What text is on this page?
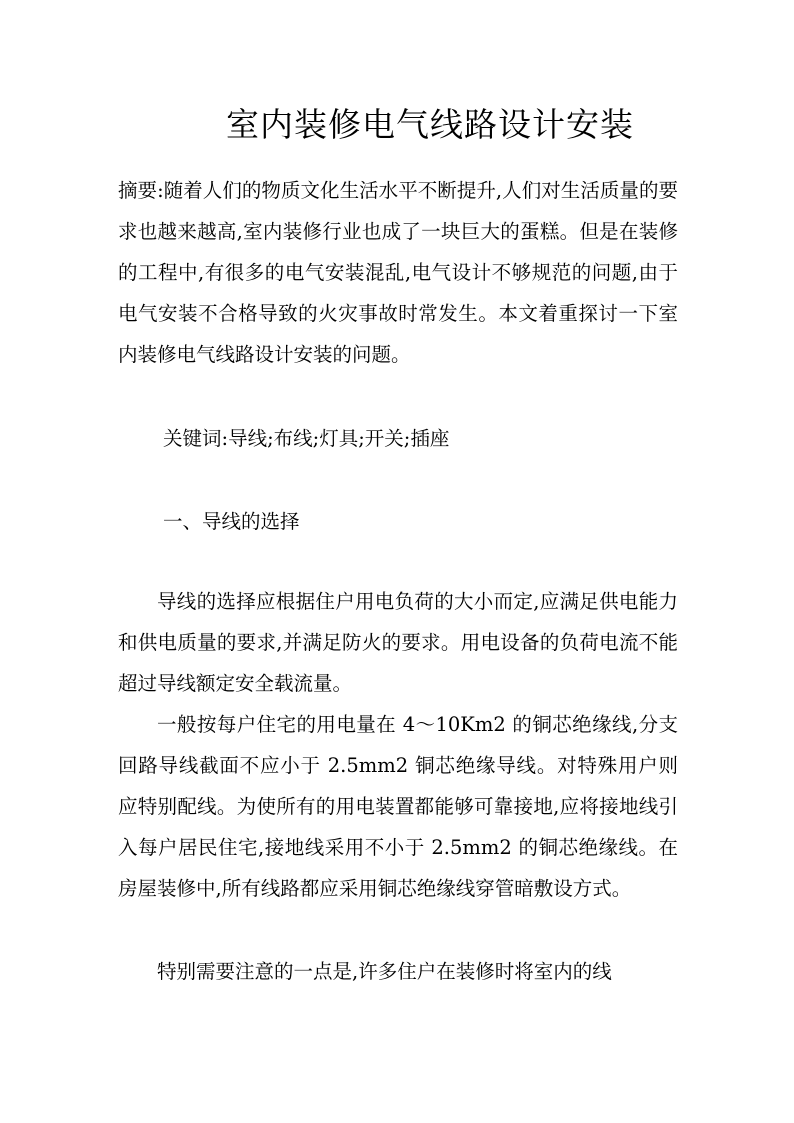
室内装修电气线路设计安装

摘要:随着人们的物质文化生活水平不断提升,人们对生活质量的要求也越来越高,室内装修行业也成了一块巨大的蛋糕。但是在装修的工程中,有很多的电气安装混乱,电气设计不够规范的问题,由于电气安装不合格导致的火灾事故时常发生。本文着重探讨一下室内装修电气线路设计安装的问题。

关键词:导线;布线;灯具;开关;插座

一、导线的选择

导线的选择应根据住户用电负荷的大小而定,应满足供电能力和供电质量的要求,并满足防火的要求。用电设备的负荷电流不能超过导线额定安全载流量。

一般按每户住宅的用电量在 4～10Km2 的铜芯绝缘线,分支回路导线截面不应小于 2.5mm2 铜芯绝缘导线。对特殊用户则应特别配线。为使所有的用电装置都能够可靠接地,应将接地线引入每户居民住宅,接地线采用不小于 2.5mm2 的铜芯绝缘线。在房屋装修中,所有线路都应采用铜芯绝缘线穿管暗敷设方式。

特别需要注意的一点是,许多住户在装修时将室内的线
